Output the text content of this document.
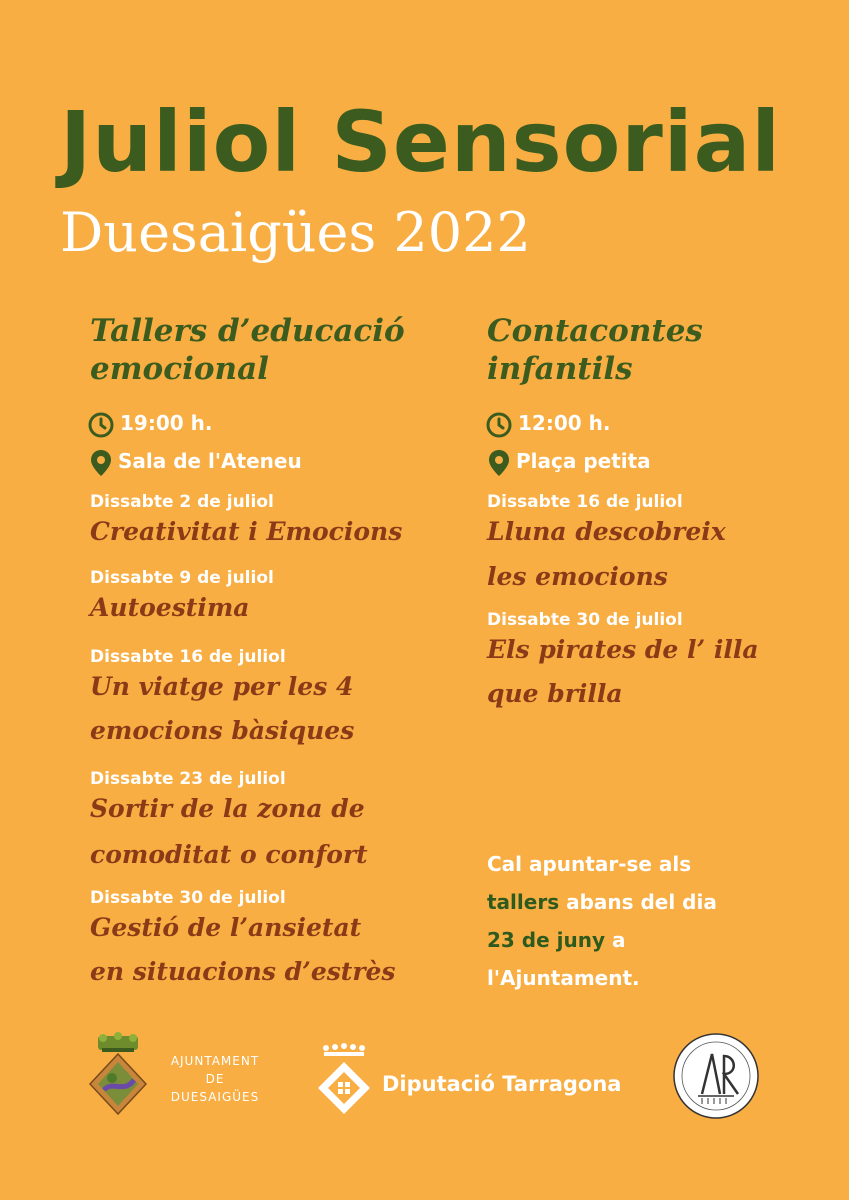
Juliol Sensorial
Duesaigües 2022
Tallers d’educació
emocional
19:00 h.
Sala de l'Ateneu
Dissabte 2 de juliol
Creativitat i Emocions
Dissabte 9 de juliol
Autoestima
Dissabte 16 de juliol
Un viatge per les 4
emocions bàsiques
Dissabte 23 de juliol
Sortir de la zona de
comoditat o confort
Dissabte 30 de juliol
Gestió de l’ansietat
en situacions d’estrès
Contacontes
infantils
12:00 h.
Plaça petita
Dissabte 16 de juliol
Lluna descobreix
les emocions
Dissabte 30 de juliol
Els pirates de l’ illa
que brilla
Cal apuntar-se als
tallers abans del dia
23 de juny a
l'Ajuntament.
AJUNTAMENT
DE
DUESAIGÜES
Diputació Tarragona
